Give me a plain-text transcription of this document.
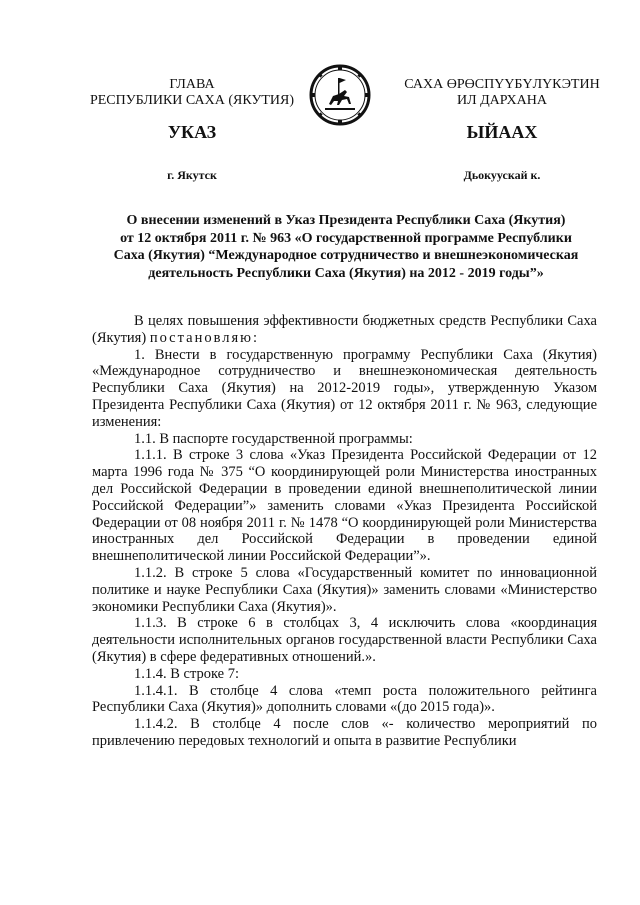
ГЛАВА
РЕСПУБЛИКИ САХА (ЯКУТИЯ)
САХА ӨРӨСПҮҮБҮЛҮКЭТИН
ИЛ ДАРХАНА
УКАЗ	ЫЙААХ
г. Якутск	Дьокуускай к.
О внесении изменений в Указ Президента Республики Саха (Якутия)
от 12 октября 2011 г. № 963 «О государственной программе Республики
Саха (Якутия) “Международное сотрудничество и внешнеэкономическая
деятельность Республики Саха (Якутия) на 2012 - 2019 годы”»

В целях повышения эффективности бюджетных средств Республики Саха (Якутия) постановляю:

1. Внести в государственную программу Республики Саха (Якутия) «Международное сотрудничество и внешнеэкономическая деятельность Республики Саха (Якутия) на 2012-2019 годы», утвержденную Указом Президента Республики Саха (Якутия) от 12 октября 2011 г. № 963, следующие изменения:

1.1. В паспорте государственной программы:

1.1.1. В строке 3 слова «Указ Президента Российской Федерации от 12 марта 1996 года № 375 “О координирующей роли Министерства иностранных дел Российской Федерации в проведении единой внешнеполитической линии Российской Федерации”» заменить словами «Указ Президента Российской Федерации от 08 ноября 2011 г. № 1478 “О координирующей роли Министерства иностранных дел Российской Федерации в проведении единой внешнеполитической линии Российской Федерации”».

1.1.2. В строке 5 слова «Государственный комитет по инновационной политике и науке Республики Саха (Якутия)» заменить словами «Министерство экономики Республики Саха (Якутия)».

1.1.3. В строке 6 в столбцах 3, 4 исключить слова «координация деятельности исполнительных органов государственной власти Республики Саха (Якутия) в сфере федеративных отношений.».

1.1.4. В строке 7:

1.1.4.1. В столбце 4 слова «темп роста положительного рейтинга Республики Саха (Якутия)» дополнить словами «(до 2015 года)».

1.1.4.2. В столбце 4 после слов «- количество мероприятий по привлечению передовых технологий и опыта в развитие Республики
